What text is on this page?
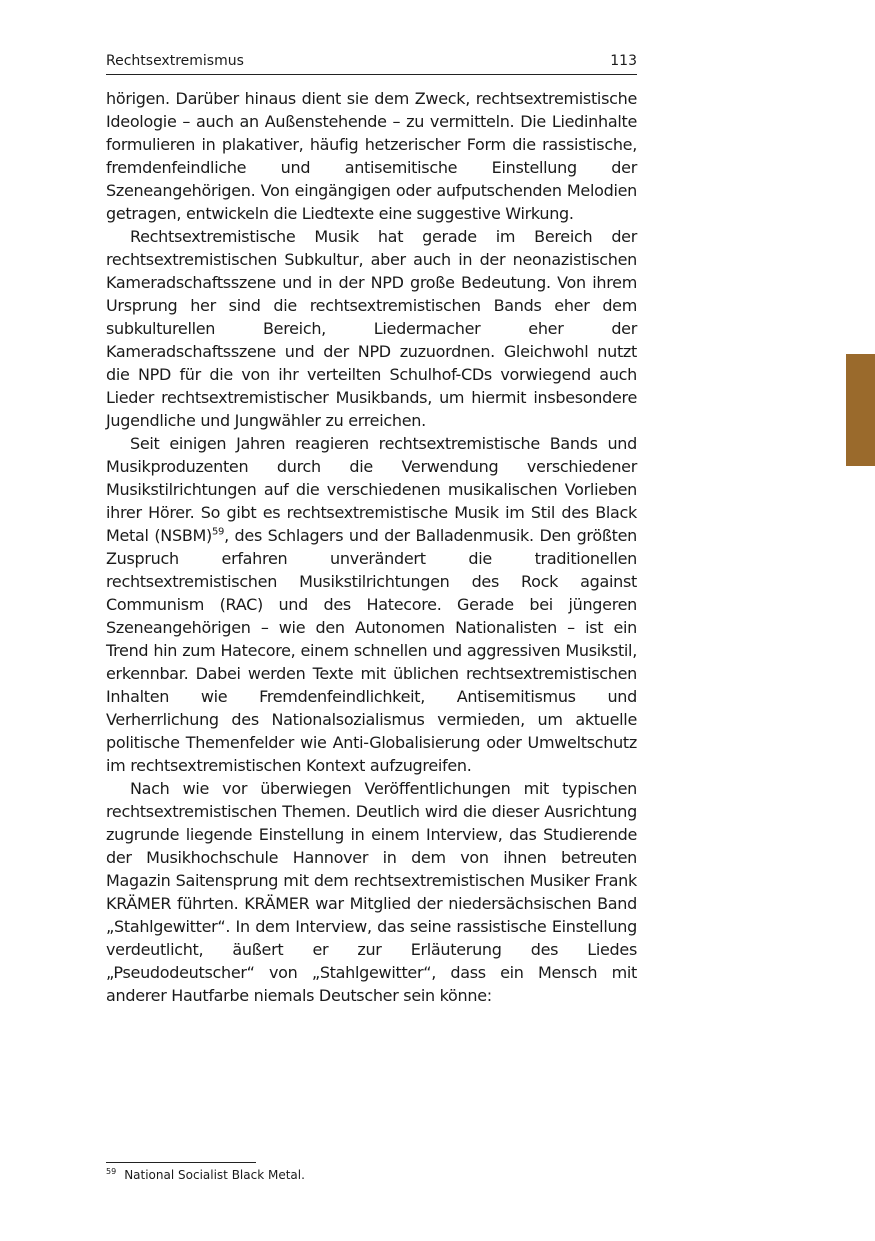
Rechtsextremismus	113

hörigen. Darüber hinaus dient sie dem Zweck, rechtsextremistische Ideologie – auch an Außenstehende – zu vermitteln. Die Liedinhalte formulieren in plakativer, häufig hetzerischer Form die rassistische, fremdenfeindliche und antisemitische Einstellung der Szeneangehörigen. Von eingängigen oder aufputschenden Melodien getragen, entwickeln die Liedtexte eine suggestive Wirkung.

Rechtsextremistische Musik hat gerade im Bereich der rechtsextremistischen Subkultur, aber auch in der neonazistischen Kameradschaftsszene und in der NPD große Bedeutung. Von ihrem Ursprung her sind die rechtsextremistischen Bands eher dem subkulturellen Bereich, Liedermacher eher der Kameradschaftsszene und der NPD zuzuordnen. Gleichwohl nutzt die NPD für die von ihr verteilten Schulhof-CDs vorwiegend auch Lieder rechtsextremistischer Musikbands, um hiermit insbesondere Jugendliche und Jungwähler zu erreichen.

Seit einigen Jahren reagieren rechtsextremistische Bands und Musikproduzenten durch die Verwendung verschiedener Musikstilrichtungen auf die verschiedenen musikalischen Vorlieben ihrer Hörer. So gibt es rechtsextremistische Musik im Stil des Black Metal (NSBM)$^{59}$, des Schlagers und der Balladenmusik. Den größten Zuspruch erfahren unverändert die traditionellen rechtsextremistischen Musikstilrichtungen des Rock against Communism (RAC) und des Hatecore. Gerade bei jüngeren Szeneangehörigen – wie den Autonomen Nationalisten – ist ein Trend hin zum Hatecore, einem schnellen und aggressiven Musikstil, erkennbar. Dabei werden Texte mit üblichen rechtsextremistischen Inhalten wie Fremdenfeindlichkeit, Antisemitismus und Verherrlichung des Nationalsozialismus vermieden, um aktuelle politische Themenfelder wie Anti-Globalisierung oder Umweltschutz im rechtsextremistischen Kontext aufzugreifen.

Nach wie vor überwiegen Veröffentlichungen mit typischen rechtsextremistischen Themen. Deutlich wird die dieser Ausrichtung zugrunde liegende Einstellung in einem Interview, das Studierende der Musikhochschule Hannover in dem von ihnen betreuten Magazin Saitensprung mit dem rechtsextremistischen Musiker Frank KRÄMER führten. KRÄMER war Mitglied der niedersächsischen Band „Stahlgewitter“. In dem Interview, das seine rassistische Einstellung verdeutlicht, äußert er zur Erläuterung des Liedes „Pseudodeutscher“ von „Stahlgewitter“, dass ein Mensch mit anderer Hautfarbe niemals Deutscher sein könne:

$^{59}$ National Socialist Black Metal.
